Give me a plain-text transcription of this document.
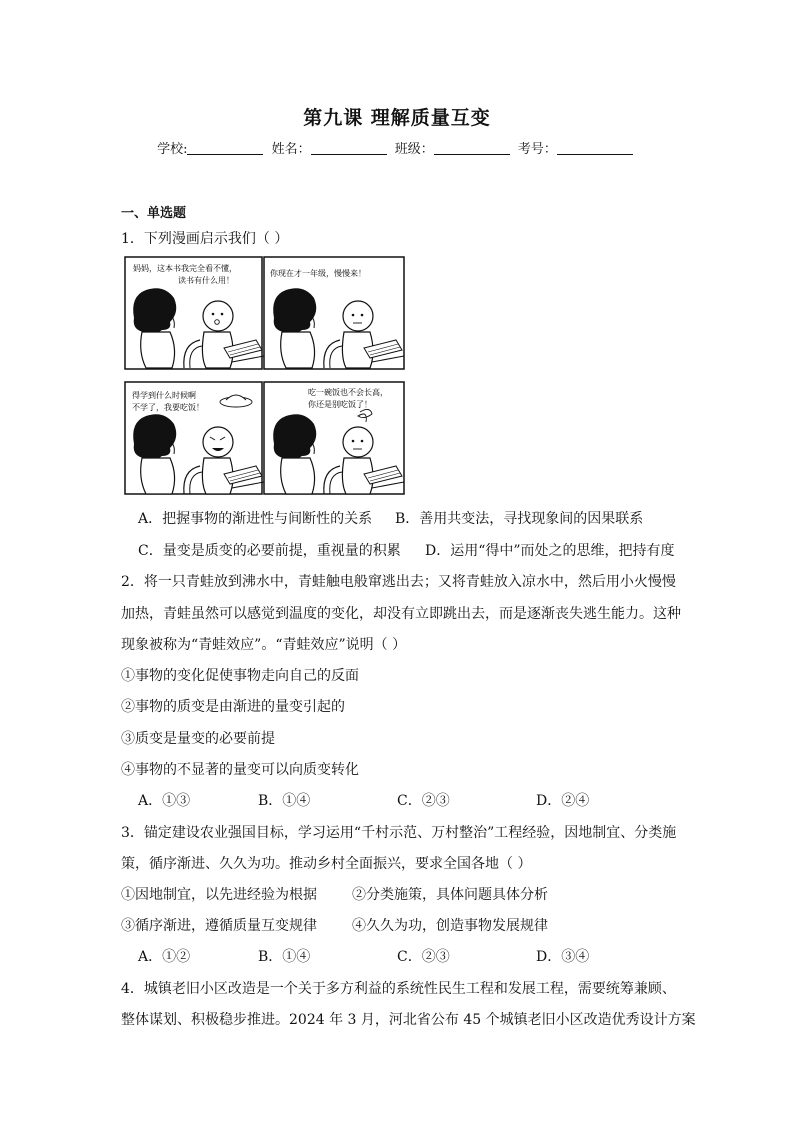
第九课 理解质量互变
学校:	姓名：	班级：	考号：
一、单选题
1．下列漫画启示我们（ ）
妈妈，这本书我完全看不懂，
读书有什么用！
你现在才一年级，慢慢来！
得学到什么时候啊
不学了，我要吃饭！
吃一碗饭也不会长高，
你还是别吃饭了！
A．把握事物的渐进性与间断性的关系 B．善用共变法，寻找现象间的因果联系
C．量变是质变的必要前提，重视量的积累 D．运用“得中”而处之的思维，把持有度
2．将一只青蛙放到沸水中，青蛙触电般窜逃出去；又将青蛙放入凉水中，然后用小火慢慢
加热，青蛙虽然可以感觉到温度的变化，却没有立即跳出去，而是逐渐丧失逃生能力。这种
现象被称为“青蛙效应”。“青蛙效应”说明（ ）
①事物的变化促使事物走向自己的反面
②事物的质变是由渐进的量变引起的
③质变是量变的必要前提
④事物的不显著的量变可以向质变转化
A．①③	B．①④	C．②③	D．②④
3．锚定建设农业强国目标，学习运用“千村示范、万村整治”工程经验，因地制宜、分类施
策，循序渐进、久久为功。推动乡村全面振兴，要求全国各地（ ）
①因地制宜，以先进经验为根据	②分类施策，具体问题具体分析
③循序渐进，遵循质量互变规律	④久久为功，创造事物发展规律
A．①②	B．①④	C．②③	D．③④
4．城镇老旧小区改造是一个关于多方利益的系统性民生工程和发展工程，需要统筹兼顾、
整体谋划、积极稳步推进。2024 年 3 月，河北省公布 45 个城镇老旧小区改造优秀设计方案
